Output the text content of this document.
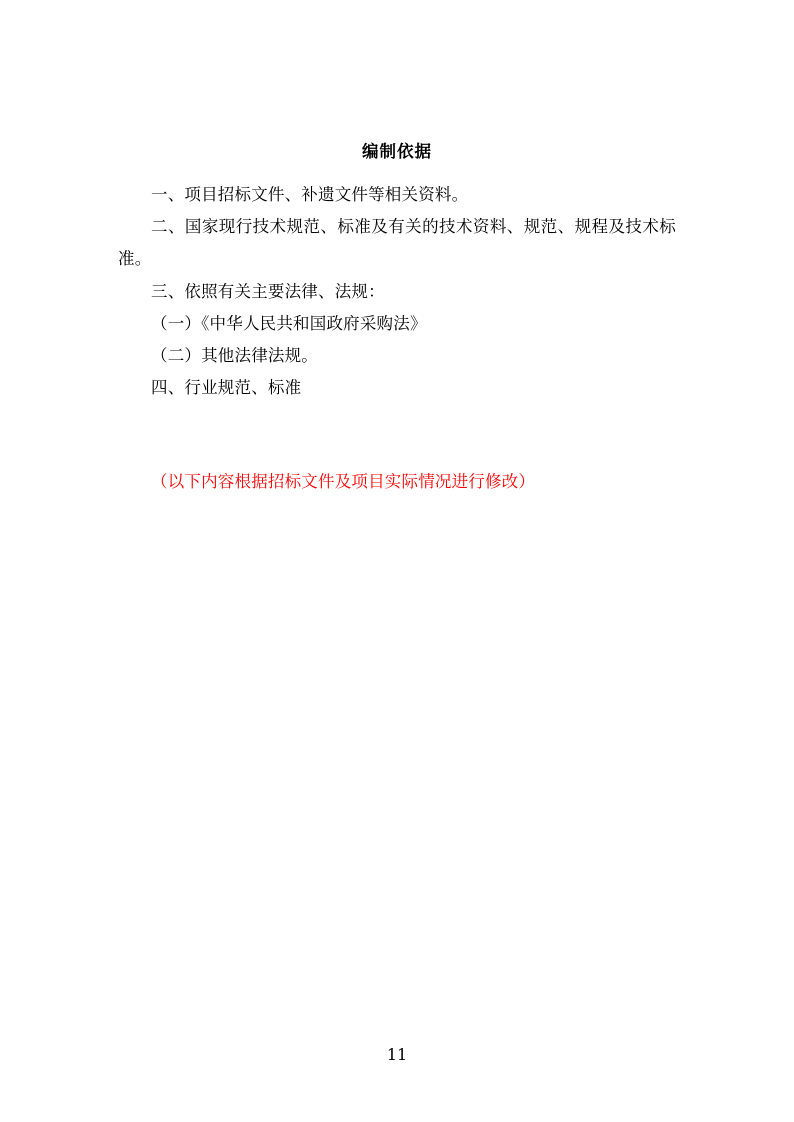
编制依据

一、项目招标文件、补遗文件等相关资料。

二、国家现行技术规范、标准及有关的技术资料、规范、规程及技术标准。

三、依照有关主要法律、法规：

（一）《中华人民共和国政府采购法》

（二）其他法律法规。

四、行业规范、标准

（以下内容根据招标文件及项目实际情况进行修改）

11
